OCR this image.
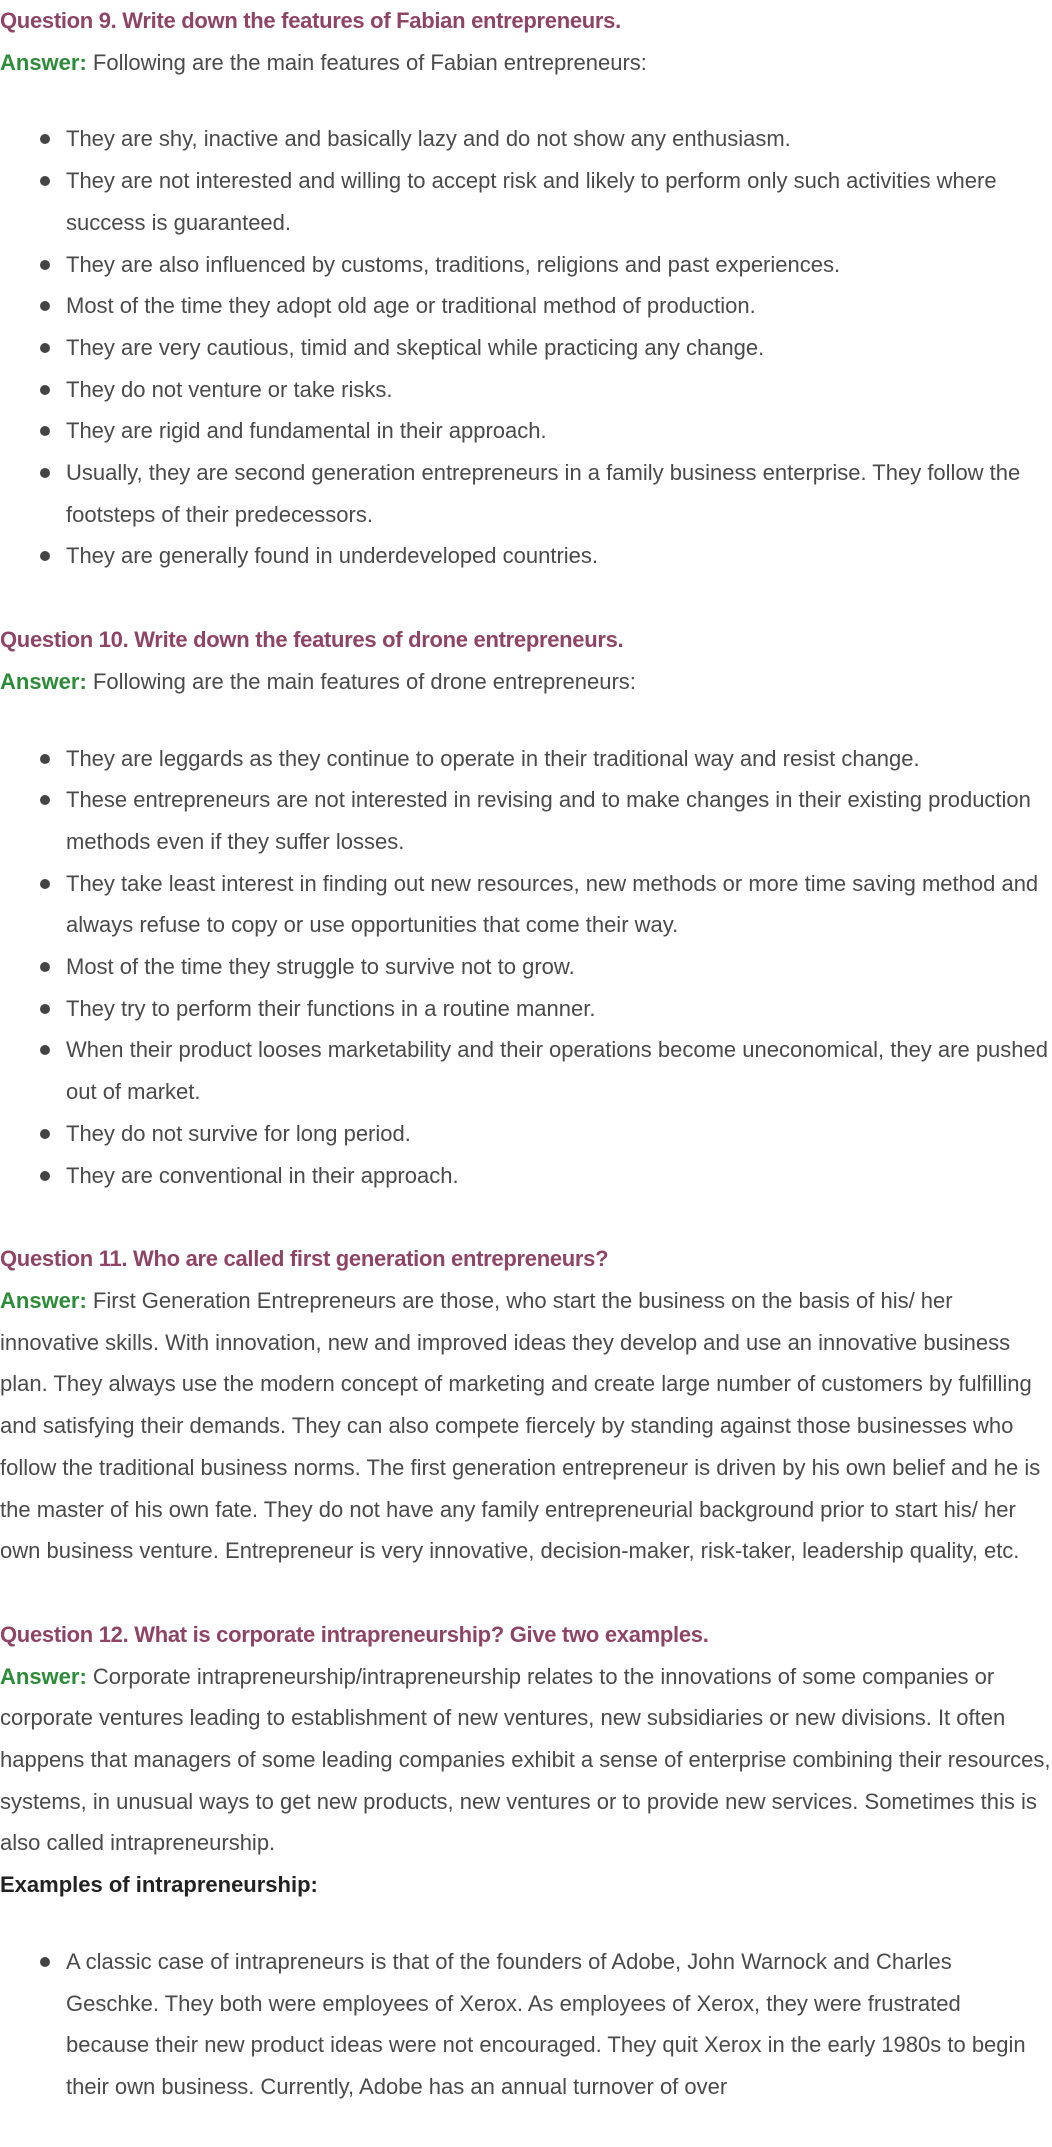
Question 9. Write down the features of Fabian entrepreneurs.

Answer: Following are the main features of Fabian entrepreneurs:

They are shy, inactive and basically lazy and do not show any enthusiasm.
They are not interested and willing to accept risk and likely to perform only such activities where success is guaranteed.
They are also influenced by customs, traditions, religions and past experiences.
Most of the time they adopt old age or traditional method of production.
They are very cautious, timid and skeptical while practicing any change.
They do not venture or take risks.
They are rigid and fundamental in their approach.
Usually, they are second generation entrepreneurs in a family business enterprise. They follow the footsteps of their predecessors.
They are generally found in underdeveloped countries.
Question 10. Write down the features of drone entrepreneurs.

Answer: Following are the main features of drone entrepreneurs:

They are leggards as they continue to operate in their traditional way and resist change.
These entrepreneurs are not interested in revising and to make changes in their existing production methods even if they suffer losses.
They take least interest in finding out new resources, new methods or more time saving method and always refuse to copy or use opportunities that come their way.
Most of the time they struggle to survive not to grow.
They try to perform their functions in a routine manner.
When their product looses marketability and their operations become uneconomical, they are pushed out of market.
They do not survive for long period.
They are conventional in their approach.
Question 11. Who are called first generation entrepreneurs?

Answer: First Generation Entrepreneurs are those, who start the business on the basis of his/ her innovative skills. With innovation, new and improved ideas they develop and use an innovative business plan. They always use the modern concept of marketing and create large number of customers by fulfilling and satisfying their demands. They can also compete fiercely by standing against those businesses who follow the traditional business norms. The first generation entrepreneur is driven by his own belief and he is the master of his own fate. They do not have any family entrepreneurial background prior to start his/ her own business venture. Entrepreneur is very innovative, decision-maker, risk-taker, leadership quality, etc.

Question 12. What is corporate intrapreneurship? Give two examples.

Answer: Corporate intrapreneurship/intrapreneurship relates to the innovations of some companies or corporate ventures leading to establishment of new ventures, new subsidiaries or new divisions. It often happens that managers of some leading companies exhibit a sense of enterprise combining their resources, systems, in unusual ways to get new products, new ventures or to provide new services. Sometimes this is also called intrapreneurship.

Examples of intrapreneurship:

A classic case of intrapreneurs is that of the founders of Adobe, John Warnock and Charles Geschke. They both were employees of Xerox. As employees of Xerox, they were frustrated because their new product ideas were not encouraged. They quit Xerox in the early 1980s to begin their own business. Currently, Adobe has an annual turnover of over
